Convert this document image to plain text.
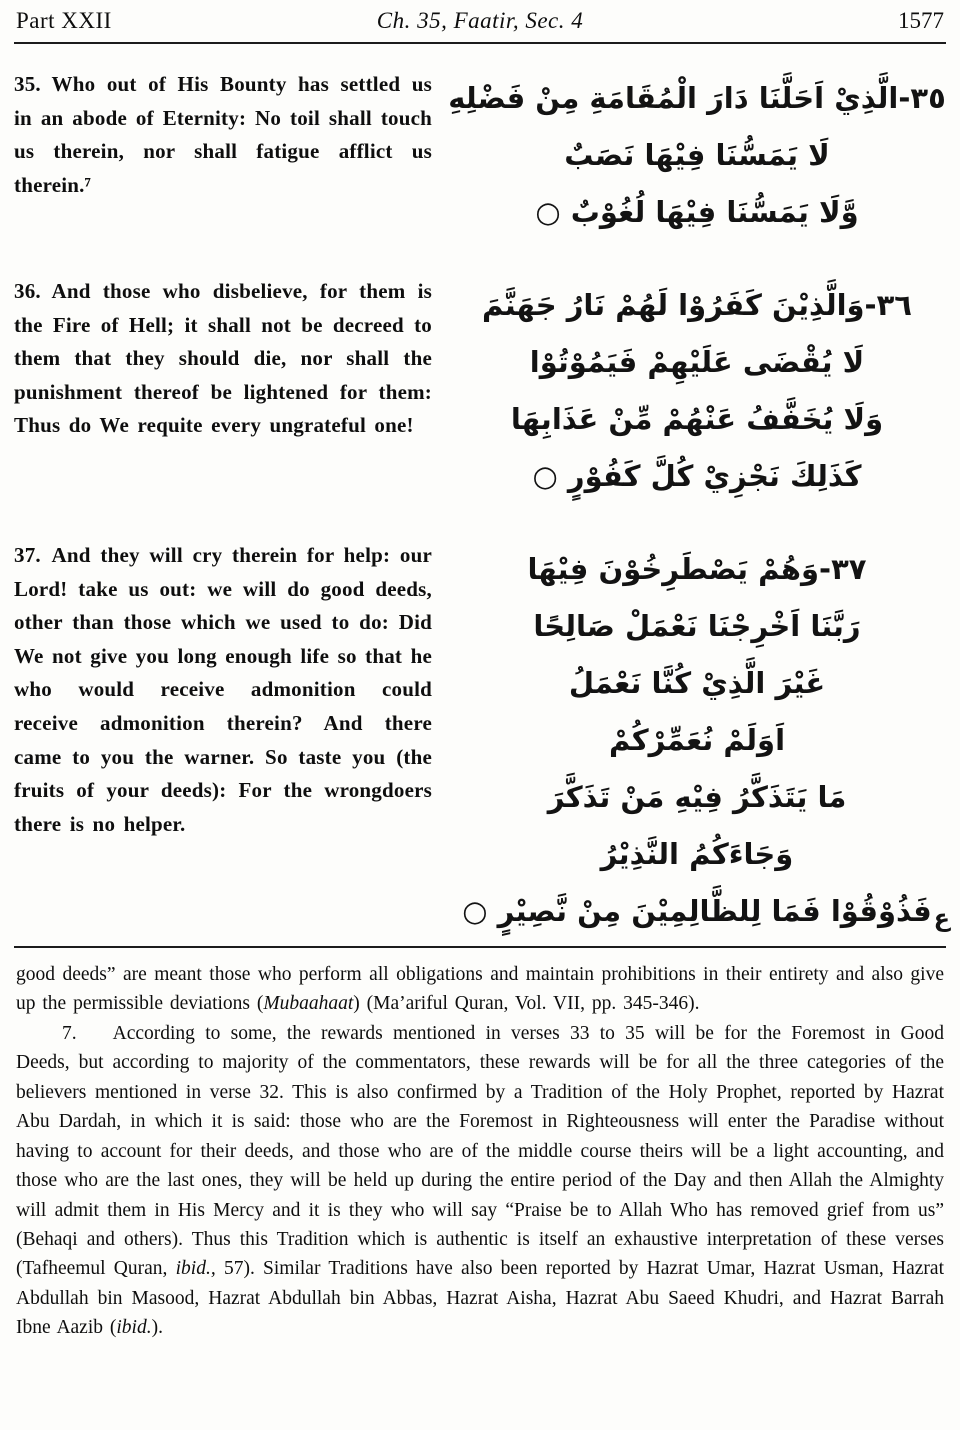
Part XXII	Ch. 35, Faatir, Sec. 4	1577

35. Who out of His Bounty has settled us in an abode of Eternity: No toil shall touch us therein, nor shall fatigue afflict us therein.⁷

٣٥-الَّذِيْ اَحَلَّنَا دَارَ الْمُقَامَةِ مِنْ فَضْلِهِ
لَا يَمَسُّنَا فِيْهَا نَصَبٌ
وَّلَا يَمَسُّنَا فِيْهَا لُغُوْبٌ ○

36. And those who disbelieve, for them is the Fire of Hell; it shall not be decreed to them that they should die, nor shall the punishment thereof be lightened for them: Thus do We requite every ungrateful one!

٣٦-وَالَّذِيْنَ كَفَرُوْا لَهُمْ نَارُ جَهَنَّمَ
لَا يُقْضَى عَلَيْهِمْ فَيَمُوْتُوْا
وَلَا يُخَفَّفُ عَنْهُمْ مِّنْ عَذَابِهَا
كَذَلِكَ نَجْزِيْ كُلَّ كَفُوْرٍ ○

37. And they will cry therein for help: our Lord! take us out: we will do good deeds, other than those which we used to do: Did We not give you long enough life so that he who would receive admonition could receive admonition therein? And there came to you the warner. So taste you (the fruits of your deeds): For the wrongdoers there is no helper.

٣٧-وَهُمْ يَصْطَرِخُوْنَ فِيْهَا
رَبَّنَا اَخْرِجْنَا نَعْمَلْ صَالِحًا
غَيْرَ الَّذِيْ كُنَّا نَعْمَلُ
اَوَلَمْ نُعَمِّرْكُمْ
مَا يَتَذَكَّرُ فِيْهِ مَنْ تَذَكَّرَ
وَجَاءَكُمُ النَّذِيْرُ
فَذُوْقُوْا فَمَا لِلظَّالِمِيْنَ مِنْ نَّصِيْرٍ ○ ع

good deeds” are meant those who perform all obligations and maintain prohibitions in their entirety and also give up the permissible deviations (Mubaahaat) (Ma’ariful Quran, Vol. VII, pp. 345-346).

7. According to some, the rewards mentioned in verses 33 to 35 will be for the Foremost in Good Deeds, but according to majority of the commentators, these rewards will be for all the three categories of the believers mentioned in verse 32. This is also confirmed by a Tradition of the Holy Prophet, reported by Hazrat Abu Dardah, in which it is said: those who are the Foremost in Righteousness will enter the Paradise without having to account for their deeds, and those who are of the middle course theirs will be a light accounting, and those who are the last ones, they will be held up during the entire period of the Day and then Allah the Almighty will admit them in His Mercy and it is they who will say “Praise be to Allah Who has removed grief from us” (Behaqi and others). Thus this Tradition which is authentic is itself an exhaustive interpretation of these verses (Tafheemul Quran, ibid., 57). Similar Traditions have also been reported by Hazrat Umar, Hazrat Usman, Hazrat Abdullah bin Masood, Hazrat Abdullah bin Abbas, Hazrat Aisha, Hazrat Abu Saeed Khudri, and Hazrat Barrah Ibne Aazib (ibid.).
